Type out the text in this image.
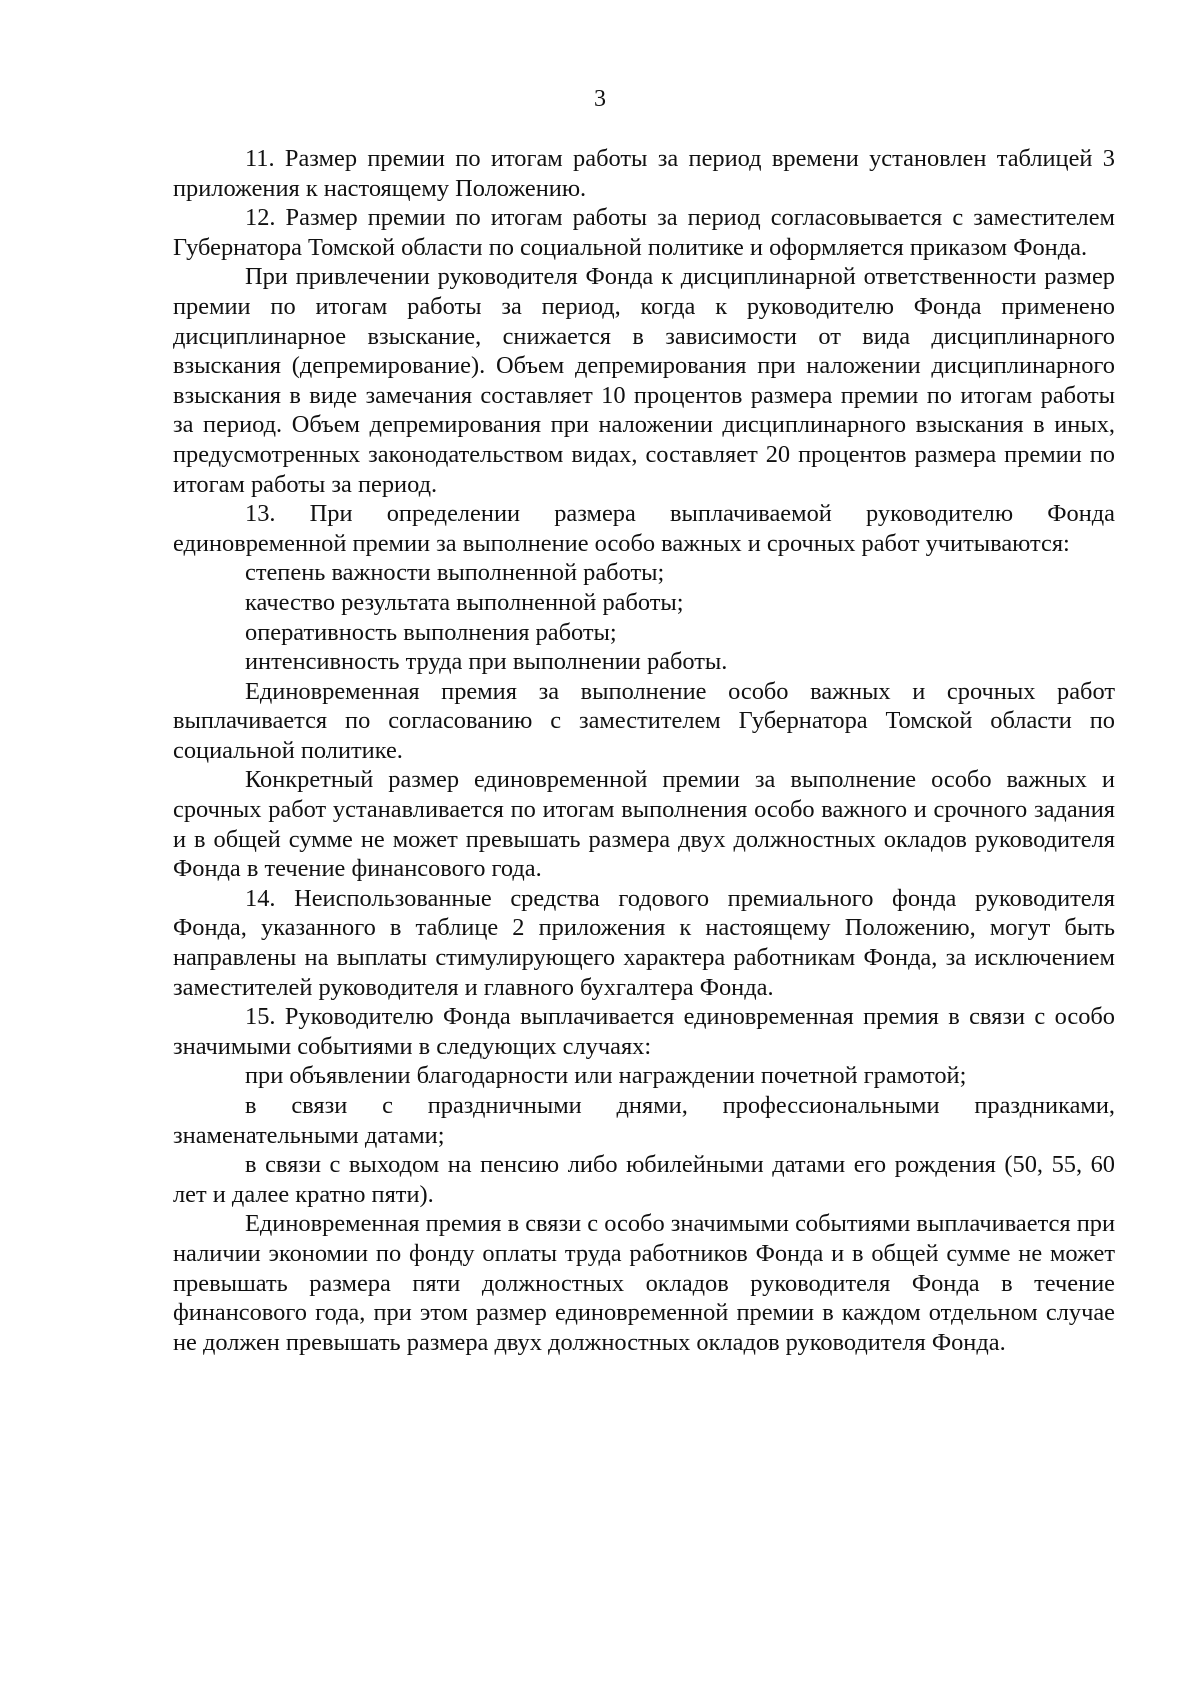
3

11. Размер премии по итогам работы за период времени установлен таблицей 3 приложения к настоящему Положению.

12. Размер премии по итогам работы за период согласовывается с заместителем Губернатора Томской области по социальной политике и оформляется приказом Фонда.

При привлечении руководителя Фонда к дисциплинарной ответственности размер премии по итогам работы за период, когда к руководителю Фонда применено дисциплинарное взыскание, снижается в зависимости от вида дисциплинарного взыскания (депремирование). Объем депремирования при наложении дисциплинарного взыскания в виде замечания составляет 10 процентов размера премии по итогам работы за период. Объем депремирования при наложении дисциплинарного взыскания в иных, предусмотренных законодательством видах, составляет 20 процентов размера премии по итогам работы за период.

13. При определении размера выплачиваемой руководителю Фонда единовременной премии за выполнение особо важных и срочных работ учитываются:

степень важности выполненной работы;

качество результата выполненной работы;

оперативность выполнения работы;

интенсивность труда при выполнении работы.

Единовременная премия за выполнение особо важных и срочных работ выплачивается по согласованию с заместителем Губернатора Томской области по социальной политике.

Конкретный размер единовременной премии за выполнение особо важных и срочных работ устанавливается по итогам выполнения особо важного и срочного задания и в общей сумме не может превышать размера двух должностных окладов руководителя Фонда в течение финансового года.

14. Неиспользованные средства годового премиального фонда руководителя Фонда, указанного в таблице 2 приложения к настоящему Положению, могут быть направлены на выплаты стимулирующего характера работникам Фонда, за исключением заместителей руководителя и главного бухгалтера Фонда.

15. Руководителю Фонда выплачивается единовременная премия в связи с особо значимыми событиями в следующих случаях:

при объявлении благодарности или награждении почетной грамотой;

в связи с праздничными днями, профессиональными праздниками, знаменательными датами;

в связи с выходом на пенсию либо юбилейными датами его рождения (50, 55, 60 лет и далее кратно пяти).

Единовременная премия в связи с особо значимыми событиями выплачивается при наличии экономии по фонду оплаты труда работников Фонда и в общей сумме не может превышать размера пяти должностных окладов руководителя Фонда в течение финансового года, при этом размер единовременной премии в каждом отдельном случае не должен превышать размера двух должностных окладов руководителя Фонда.
